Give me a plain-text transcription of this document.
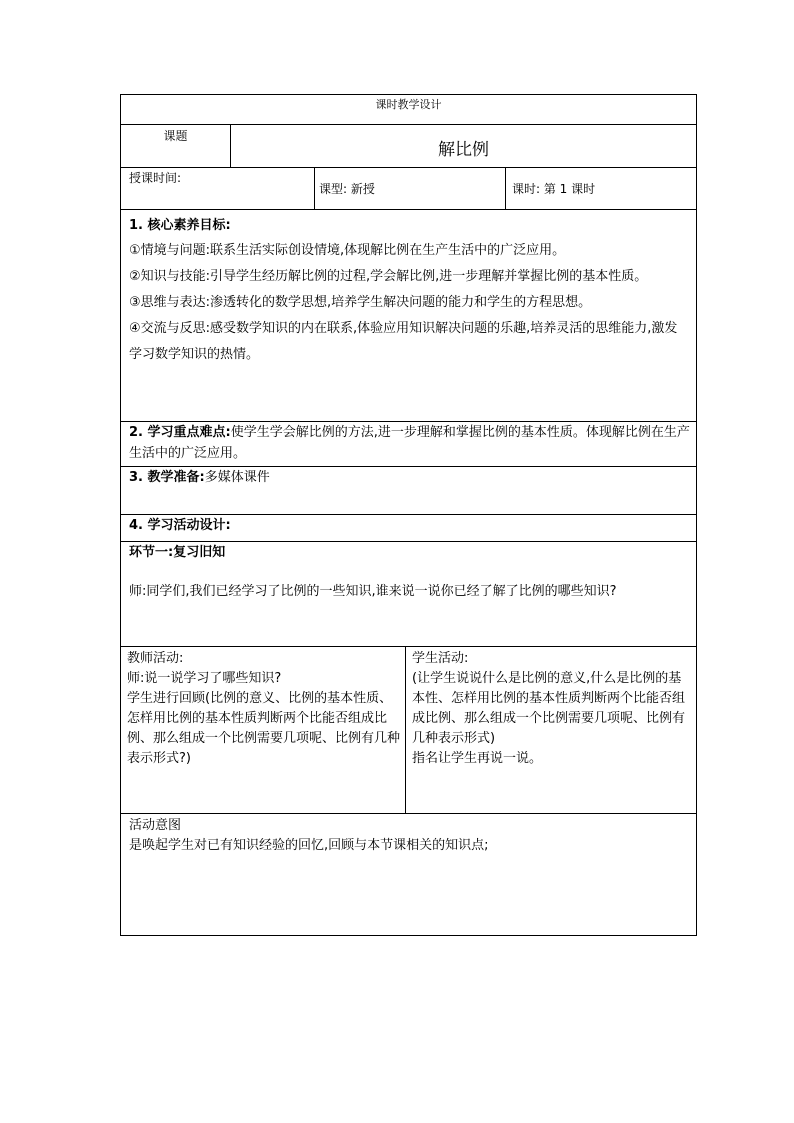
课时教学设计
课题
解比例
授课时间:
课型: 新授	课时: 第 1 课时
1. 核心素养目标:
①情境与问题:联系生活实际创设情境,体现解比例在生产生活中的广泛应用。
②知识与技能:引导学生经历解比例的过程,学会解比例,进一步理解并掌握比例的基本性质。
③思维与表达:渗透转化的数学思想,培养学生解决问题的能力和学生的方程思想。
④交流与反思:感受数学知识的内在联系,体验应用知识解决问题的乐趣,培养灵活的思维能力,激发学习数学知识的热情。
2. 学习重点难点:使学生学会解比例的方法,进一步理解和掌握比例的基本性质。体现解比例在生产生活中的广泛应用。
3. 教学准备:多媒体课件
4. 学习活动设计:
环节一:复习旧知
师:同学们,我们已经学习了比例的一些知识,谁来说一说你已经了解了比例的哪些知识?
教师活动:
师:说一说学习了哪些知识?
学生进行回顾(比例的意义、比例的基本性质、怎样用比例的基本性质判断两个比能否组成比例、那么组成一个比例需要几项呢、比例有几种表示形式?)
学生活动:
(让学生说说什么是比例的意义,什么是比例的基本性、怎样用比例的基本性质判断两个比能否组成比例、那么组成一个比例需要几项呢、比例有几种表示形式)
指名让学生再说一说。
活动意图
是唤起学生对已有知识经验的回忆,回顾与本节课相关的知识点;
